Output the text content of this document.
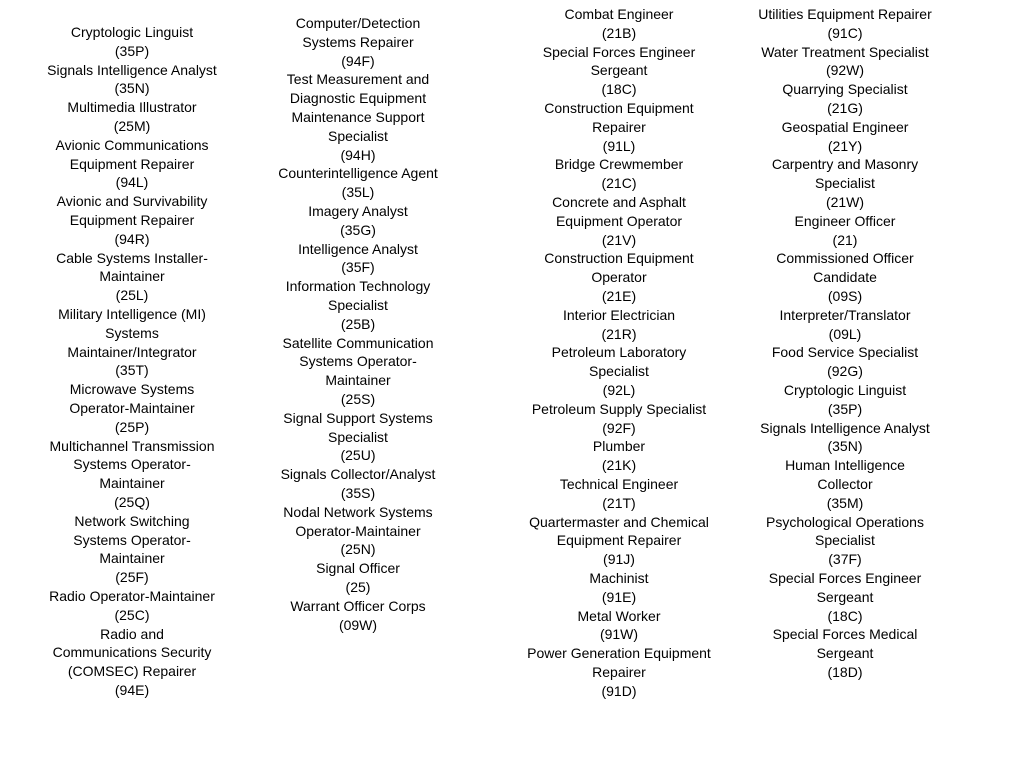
Cryptologic Linguist
(35P)
Signals Intelligence Analyst
(35N)
Multimedia Illustrator
(25M)
Avionic Communications Equipment Repairer
(94L)
Avionic and Survivability Equipment Repairer
(94R)
Cable Systems Installer-Maintainer
(25L)
Military Intelligence (MI) Systems Maintainer/Integrator
(35T)
Microwave Systems Operator-Maintainer
(25P)
Multichannel Transmission Systems Operator-Maintainer
(25Q)
Network Switching Systems Operator-Maintainer
(25F)
Radio Operator-Maintainer
(25C)
Radio and Communications Security (COMSEC) Repairer
(94E)
Computer/Detection Systems Repairer
(94F)
Test Measurement and Diagnostic Equipment Maintenance Support Specialist
(94H)
Counterintelligence Agent
(35L)
Imagery Analyst
(35G)
Intelligence Analyst
(35F)
Information Technology Specialist
(25B)
Satellite Communication Systems Operator-Maintainer
(25S)
Signal Support Systems Specialist
(25U)
Signals Collector/Analyst
(35S)
Nodal Network Systems Operator-Maintainer
(25N)
Signal Officer
(25)
Warrant Officer Corps
(09W)
Combat Engineer
(21B)
Special Forces Engineer Sergeant
(18C)
Construction Equipment Repairer
(91L)
Bridge Crewmember
(21C)
Concrete and Asphalt Equipment Operator
(21V)
Construction Equipment Operator
(21E)
Interior Electrician
(21R)
Petroleum Laboratory Specialist
(92L)
Petroleum Supply Specialist
(92F)
Plumber
(21K)
Technical Engineer
(21T)
Quartermaster and Chemical Equipment Repairer
(91J)
Machinist
(91E)
Metal Worker
(91W)
Power Generation Equipment Repairer
(91D)
Utilities Equipment Repairer
(91C)
Water Treatment Specialist
(92W)
Quarrying Specialist
(21G)
Geospatial Engineer
(21Y)
Carpentry and Masonry Specialist
(21W)
Engineer Officer
(21)
Commissioned Officer Candidate
(09S)
Interpreter/Translator
(09L)
Food Service Specialist
(92G)
Cryptologic Linguist
(35P)
Signals Intelligence Analyst
(35N)
Human Intelligence Collector
(35M)
Psychological Operations Specialist
(37F)
Special Forces Engineer Sergeant
(18C)
Special Forces Medical Sergeant
(18D)
